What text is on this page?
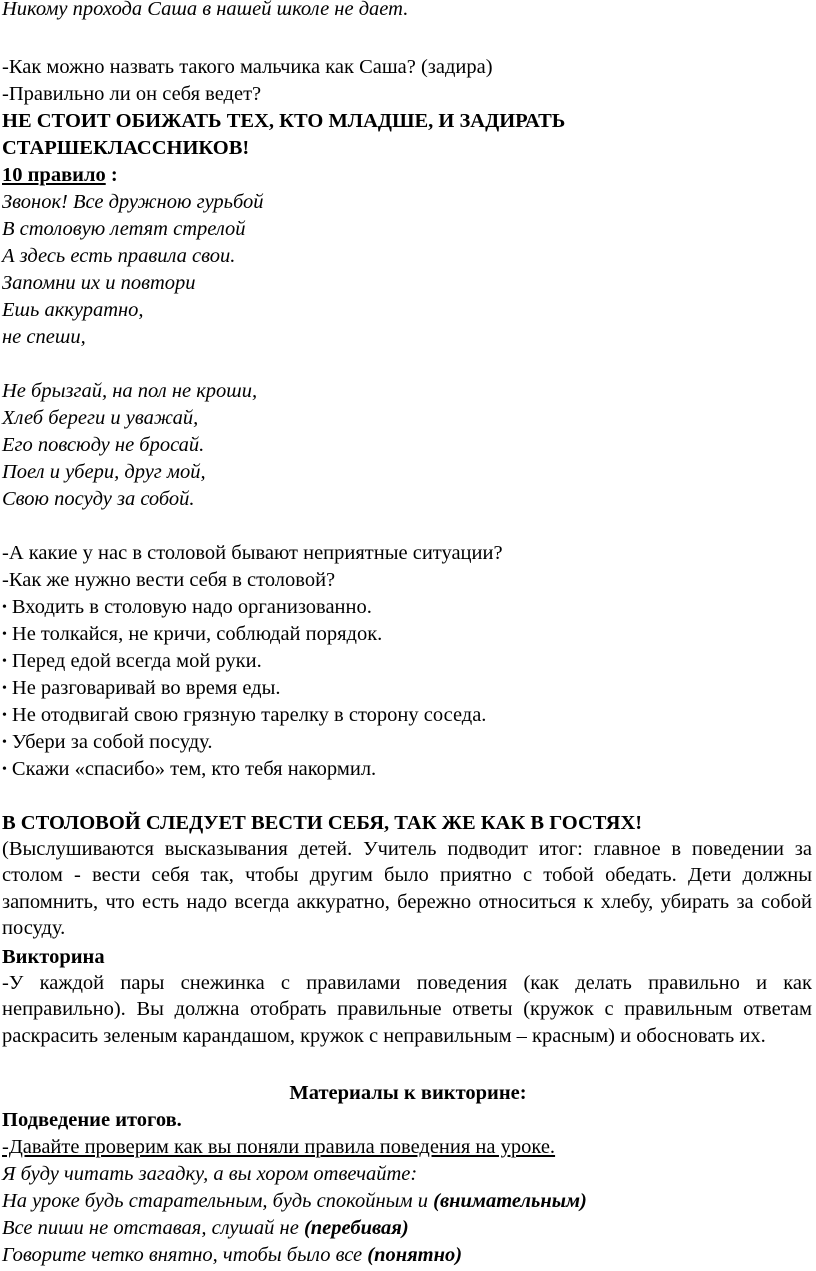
Никому прохода Саша в нашей школе не дает.
-Как можно назвать такого мальчика как Саша? (задира)
-Правильно ли он себя ведет?
НЕ СТОИТ ОБИЖАТЬ ТЕХ, КТО МЛАДШЕ, И ЗАДИРАТЬ
СТАРШЕКЛАССНИКОВ!
10 правило :
Звонок! Все дружною гурьбой
В столовую летят стрелой
А здесь есть правила свои.
Запомни их и повтори
Ешь аккуратно,
не спеши,
Не брызгай, на пол не кроши,
Хлеб береги и уважай,
Его повсюду не бросай.
Поел и убери, друг мой,
Свою посуду за собой.
-А какие у нас в столовой бывают неприятные ситуации?
-Как же нужно вести себя в столовой?
• Входить в столовую надо организованно.
• Не толкайся, не кричи, соблюдай порядок.
• Перед едой всегда мой руки.
• Не разговаривай во время еды.
• Не отодвигай свою грязную тарелку в сторону соседа.
• Убери за собой посуду.
• Скажи «спасибо» тем, кто тебя накормил.
В СТОЛОВОЙ СЛЕДУЕТ ВЕСТИ СЕБЯ, ТАК ЖЕ КАК В ГОСТЯХ!
(Выслушиваются высказывания детей. Учитель подводит итог: главное в поведении за столом - вести себя так, чтобы другим было приятно с тобой обедать. Дети должны запомнить, что есть надо всегда аккуратно, бережно относиться к хлебу, убирать за собой посуду.
Викторина
-У каждой пары снежинка с правилами поведения (как делать правильно и как неправильно). Вы должна отобрать правильные ответы (кружок с правильным ответам раскрасить зеленым карандашом, кружок с неправильным – красным) и обосновать их.
Материалы к викторине:
Подведение итогов.
-Давайте проверим как вы поняли правила поведения на уроке.
Я буду читать загадку, а вы хором отвечайте:
На уроке будь старательным, будь спокойным и (внимательным)
Все пиши не отставая, слушай не (перебивая)
Говорите четко внятно, чтобы было все (понятно)
